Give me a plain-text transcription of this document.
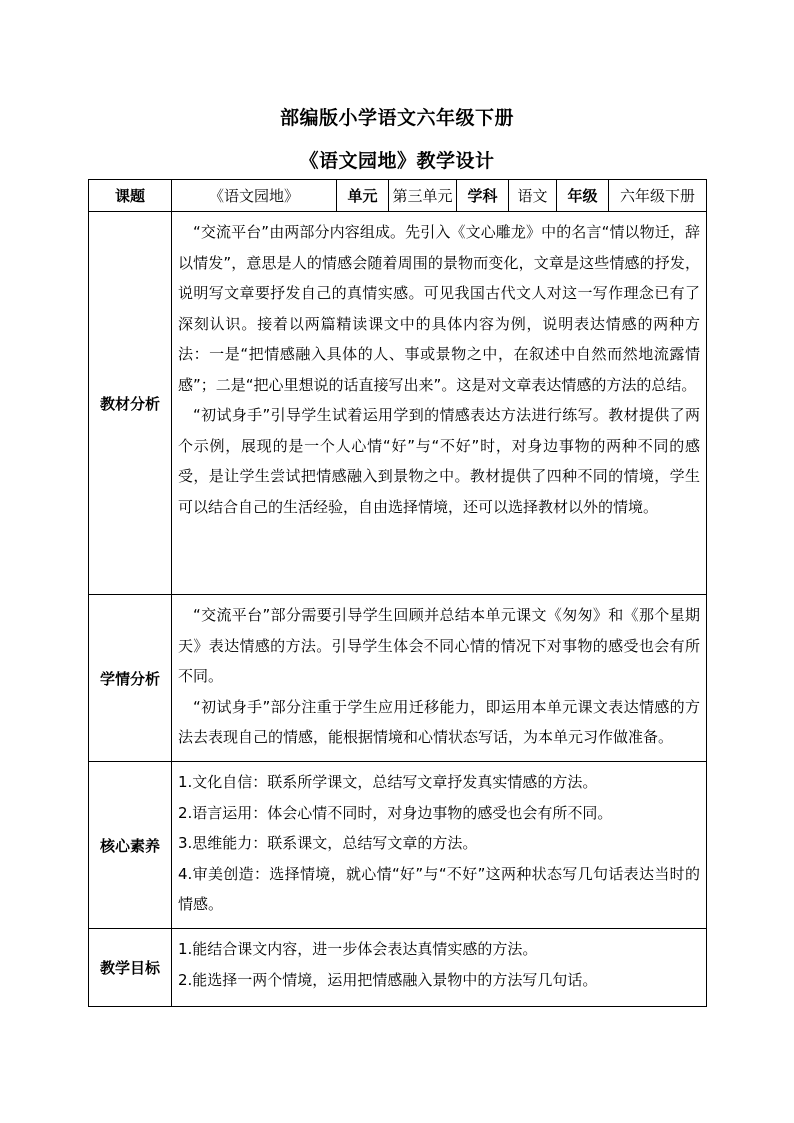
部编版小学语文六年级下册
《语文园地》教学设计
课题	《语文园地》	单元	第三单元	学科	语文	年级	六年级下册
教材分析	“交流平台”由两部分内容组成。先引入《文心雕龙》中的名言“情以物迁，辞以情发”，意思是人的情感会随着周围的景物而变化，文章是这些情感的抒发，说明写文章要抒发自己的真情实感。可见我国古代文人对这一写作理念已有了深刻认识。接着以两篇精读课文中的具体内容为例，说明表达情感的两种方法：一是“把情感融入具体的人、事或景物之中，在叙述中自然而然地流露情感”；二是“把心里想说的话直接写出来”。这是对文章表达情感的方法的总结。

“初试身手”引导学生试着运用学到的情感表达方法进行练写。教材提供了两个示例，展现的是一个人心情“好”与“不好”时，对身边事物的两种不同的感受，是让学生尝试把情感融入到景物之中。教材提供了四种不同的情境，学生可以结合自己的生活经验，自由选择情境，还可以选择教材以外的情境。						

学情分析	“交流平台”部分需要引导学生回顾并总结本单元课文《匆匆》和《那个星期天》表达情感的方法。引导学生体会不同心情的情况下对事物的感受也会有所不同。

“初试身手”部分注重于学生应用迁移能力，即运用本单元课文表达情感的方法去表现自己的情感，能根据情境和心情状态写话，为本单元习作做准备。						

核心素养	1.文化自信：联系所学课文，总结写文章抒发真实情感的方法。

2.语言运用：体会心情不同时，对身边事物的感受也会有所不同。

3.思维能力：联系课文，总结写文章的方法。

4.审美创造：选择情境，就心情“好”与“不好”这两种状态写几句话表达当时的情感。						

教学目标	1.能结合课文内容，进一步体会表达真情实感的方法。

2.能选择一两个情境，运用把情感融入景物中的方法写几句话。						
